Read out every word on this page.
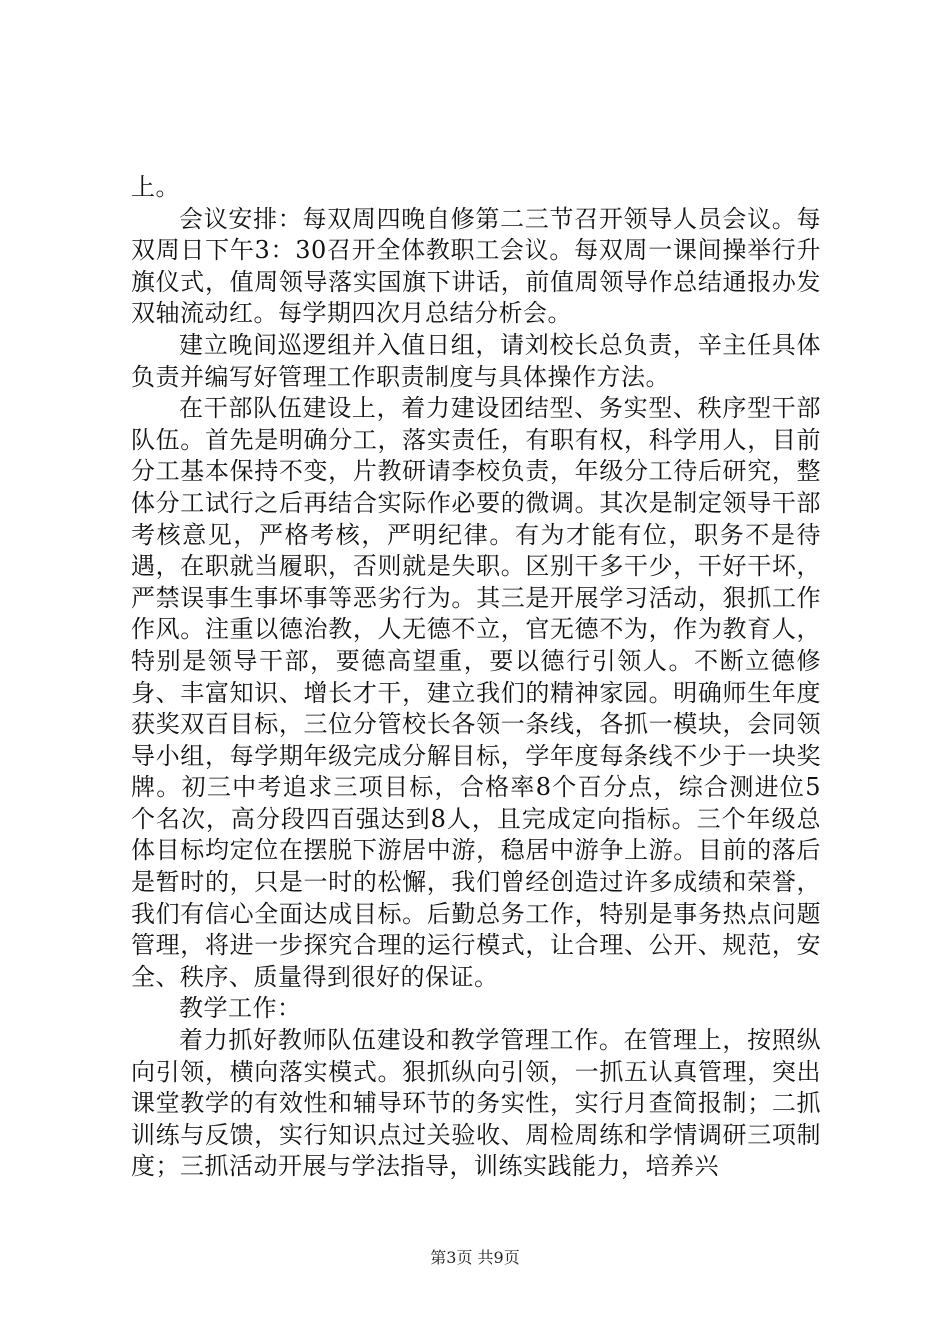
上。

会议安排：每双周四晚自修第二三节召开领导人员会议。每双周日下午3：30召开全体教职工会议。每双周一课间操举行升旗仪式，值周领导落实国旗下讲话，前值周领导作总结通报办发双轴流动红。每学期四次月总结分析会。

建立晚间巡逻组并入值日组，请刘校长总负责，辛主任具体负责并编写好管理工作职责制度与具体操作方法。

在干部队伍建设上，着力建设团结型、务实型、秩序型干部队伍。首先是明确分工，落实责任，有职有权，科学用人，目前分工基本保持不变，片教研请李校负责，年级分工待后研究，整体分工试行之后再结合实际作必要的微调。其次是制定领导干部考核意见，严格考核，严明纪律。有为才能有位，职务不是待遇，在职就当履职，否则就是失职。区别干多干少，干好干坏，严禁误事生事坏事等恶劣行为。其三是开展学习活动，狠抓工作作风。注重以德治教，人无德不立，官无德不为，作为教育人，特别是领导干部，要德高望重，要以德行引领人。不断立德修身、丰富知识、增长才干，建立我们的精神家园。明确师生年度获奖双百目标，三位分管校长各领一条线，各抓一模块，会同领导小组，每学期年级完成分解目标，学年度每条线不少于一块奖牌。初三中考追求三项目标，合格率8个百分点，综合测进位5个名次，高分段四百强达到8人，且完成定向指标。三个年级总体目标均定位在摆脱下游居中游，稳居中游争上游。目前的落后是暂时的，只是一时的松懈，我们曾经创造过许多成绩和荣誉，我们有信心全面达成目标。后勤总务工作，特别是事务热点问题管理，将进一步探究合理的运行模式，让合理、公开、规范，安全、秩序、质量得到很好的保证。

教学工作：

着力抓好教师队伍建设和教学管理工作。在管理上，按照纵向引领，横向落实模式。狠抓纵向引领，一抓五认真管理，突出课堂教学的有效性和辅导环节的务实性，实行月查简报制；二抓训练与反馈，实行知识点过关验收、周检周练和学情调研三项制度；三抓活动开展与学法指导，训练实践能力，培养兴

第3页 共9页
